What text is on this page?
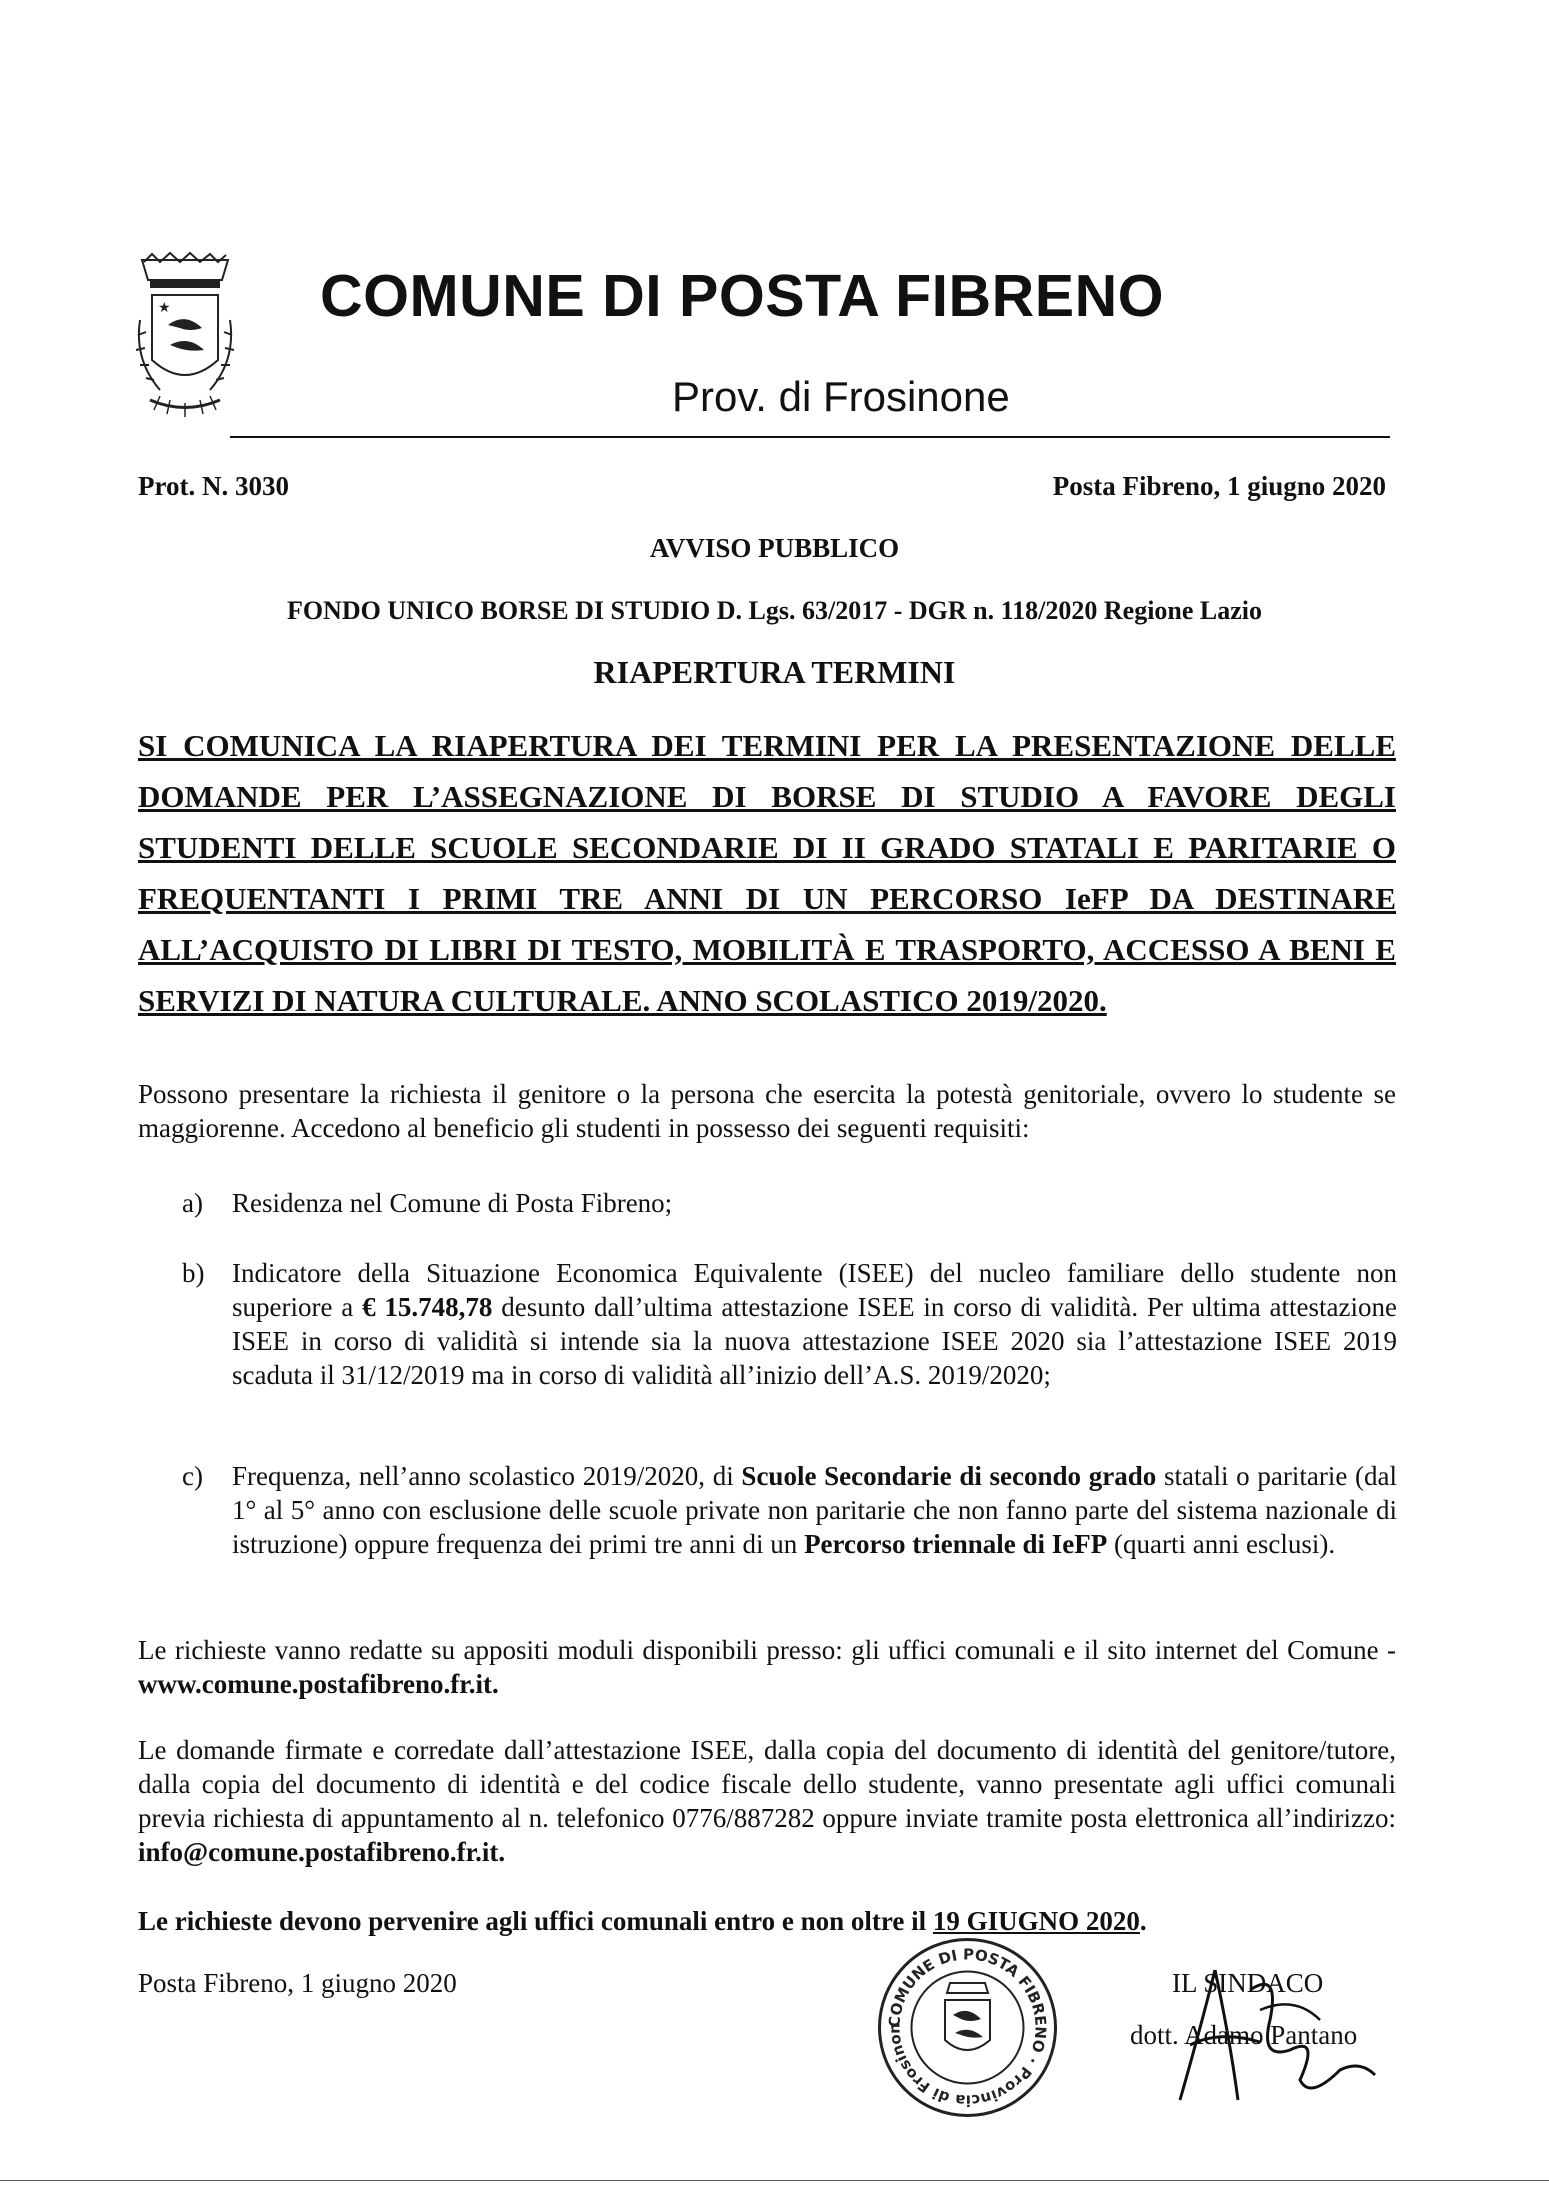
★	COMUNE DI POSTA FIBRENO
Prov. di Frosinone
Prot. N. 3030	Posta Fibreno, 1 giugno 2020
AVVISO PUBBLICO
FONDO UNICO BORSE DI STUDIO D. Lgs. 63/2017 - DGR n. 118/2020 Regione Lazio
RIAPERTURA TERMINI

SI COMUNICA LA RIAPERTURA DEI TERMINI PER LA PRESENTAZIONE DELLE DOMANDE PER L’ASSEGNAZIONE DI BORSE DI STUDIO A FAVORE DEGLI STUDENTI DELLE SCUOLE SECONDARIE DI II GRADO STATALI E PARITARIE O FREQUENTANTI I PRIMI TRE ANNI DI UN PERCORSO IeFP DA DESTINARE ALL’ACQUISTO DI LIBRI DI TESTO, MOBILITÀ E TRASPORTO, ACCESSO A BENI E SERVIZI DI NATURA CULTURALE. ANNO SCOLASTICO 2019/2020.

Possono presentare la richiesta il genitore o la persona che esercita la potestà genitoriale, ovvero lo studente se maggiorenne. Accedono al beneficio gli studenti in possesso dei seguenti requisiti:

a)	Residenza nel Comune di Posta Fibreno;

b)	Indicatore della Situazione Economica Equivalente (ISEE) del nucleo familiare dello studente non superiore a € 15.748,78 desunto dall’ultima attestazione ISEE in corso di validità. Per ultima attestazione ISEE in corso di validità si intende sia la nuova attestazione ISEE 2020 sia l’attestazione ISEE 2019 scaduta il 31/12/2019 ma in corso di validità all’inizio dell’A.S. 2019/2020;

c)	Frequenza, nell’anno scolastico 2019/2020, di Scuole Secondarie di secondo grado statali o paritarie (dal 1° al 5° anno con esclusione delle scuole private non paritarie che non fanno parte del sistema nazionale di istruzione) oppure frequenza dei primi tre anni di un Percorso triennale di IeFP (quarti anni esclusi).

Le richieste vanno redatte su appositi moduli disponibili presso: gli uffici comunali e il sito internet del Comune - www.comune.postafibreno.fr.it.

Le domande firmate e corredate dall’attestazione ISEE, dalla copia del documento di identità del genitore/tutore, dalla copia del documento di identità e del codice fiscale dello studente, vanno presentate agli uffici comunali previa richiesta di appuntamento al n. telefonico 0776/887282 oppure inviate tramite posta elettronica all’indirizzo: info@comune.postafibreno.fr.it.

Le richieste devono pervenire agli uffici comunali entro e non oltre il 19 GIUGNO 2020.
Posta Fibreno, 1 giugno 2020
COMUNE DI POSTA FIBRENO · Provincia di Frosinon
IL SINDACO
dott. Adamo Pantano
